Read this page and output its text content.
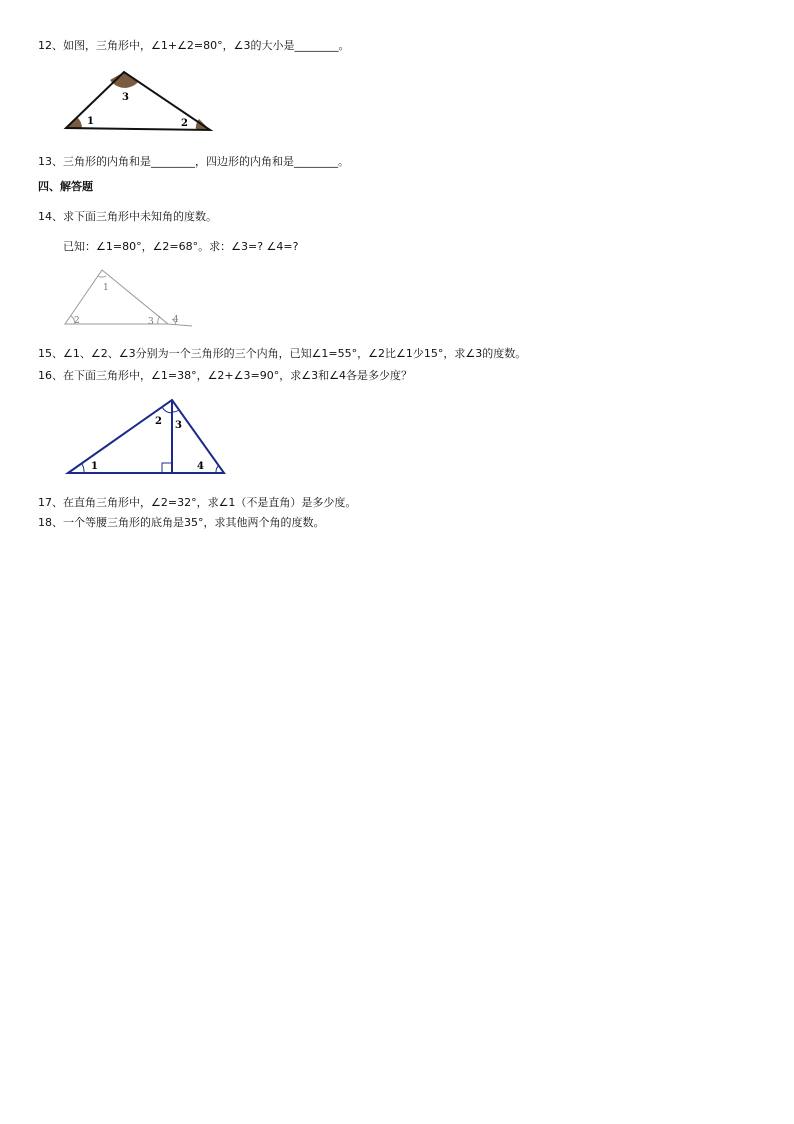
12、如图，三角形中，∠1+∠2=80°，∠3的大小是________。
3
1	2
13、三角形的内角和是________，四边形的内角和是________。
四、解答题
14、求下面三角形中未知角的度数。
已知：∠1=80°，∠2=68°。求：∠3=? ∠4=?
1
2	3 4
15、∠1、∠2、∠3分别为一个三角形的三个内角，已知∠1=55°，∠2比∠1少15°，求∠3的度数。
16、在下面三角形中，∠1=38°，∠2+∠3=90°，求∠3和∠4各是多少度？
1
2 3
4
17、在直角三角形中，∠2=32°，求∠1（不是直角）是多少度。
18、一个等腰三角形的底角是35°，求其他两个角的度数。
